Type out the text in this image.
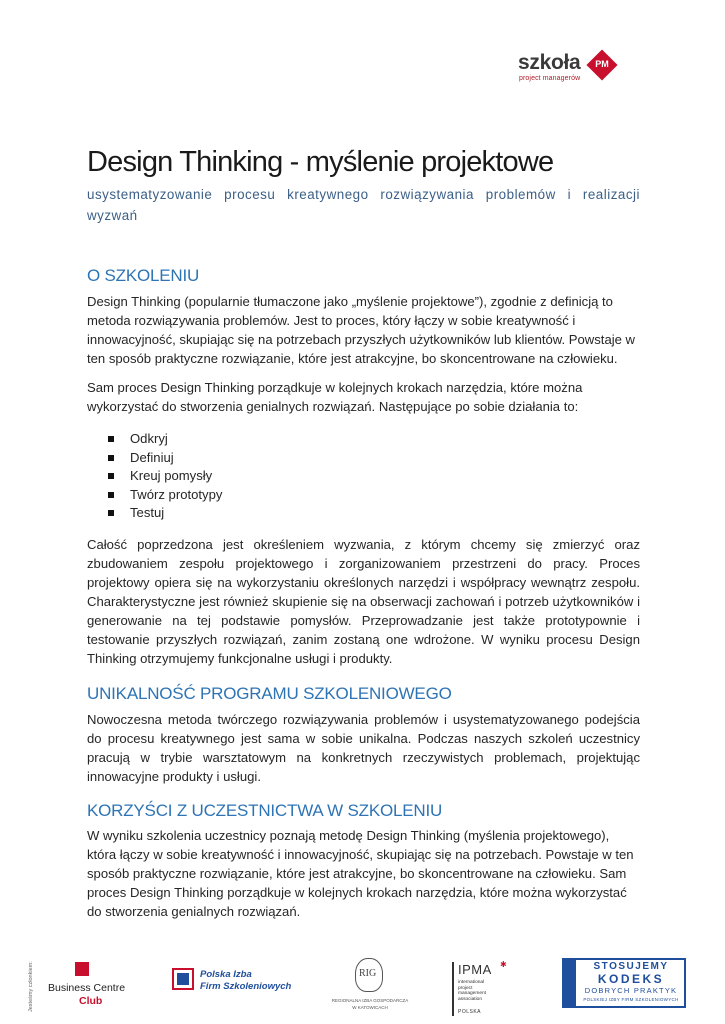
szkoła	PM
project managerów
Design Thinking - myślenie projektowe
usystematyzowanie procesu kreatywnego rozwiązywania problemów i realizacji wyzwań
O SZKOLENIU

Design Thinking (popularnie tłumaczone jako „myślenie projektowe”), zgodnie z definicją to metoda rozwiązywania problemów. Jest to proces, który łączy w sobie kreatywność i innowacyjność, skupiając się na potrzebach przyszłych użytkowników lub klientów. Powstaje w ten sposób praktyczne rozwiązanie, które jest atrakcyjne, bo skoncentrowane na człowieku.

Sam proces Design Thinking porządkuje w kolejnych krokach narzędzia, które można wykorzystać do stworzenia genialnych rozwiązań. Następujące po sobie działania to:

Odkryj
Definiuj
Kreuj pomysły
Twórz prototypy
Testuj

Całość poprzedzona jest określeniem wyzwania, z którym chcemy się zmierzyć oraz zbudowaniem zespołu projektowego i zorganizowaniem przestrzeni do pracy. Proces projektowy opiera się na wykorzystaniu określonych narzędzi i współpracy wewnątrz zespołu. Charakterystyczne jest również skupienie się na obserwacji zachowań i potrzeb użytkowników i generowanie na tej podstawie pomysłów. Przeprowadzanie jest także prototypownie i testowanie przyszłych rozwiązań, zanim zostaną one wdrożone. W wyniku procesu Design Thinking otrzymujemy funkcjonalne usługi i produkty.

UNIKALNOŚĆ PROGRAMU SZKOLENIOWEGO

Nowoczesna metoda twórczego rozwiązywania problemów i usystematyzowanego podejścia do procesu kreatywnego jest sama w sobie unikalna. Podczas naszych szkoleń uczestnicy pracują w trybie warsztatowym na konkretnych rzeczywistych problemach, projektując innowacyjne produkty i usługi.

KORZYŚCI Z UCZESTNICTWA W SZKOLENIU

W wyniku szkolenia uczestnicy poznają metodę Design Thinking (myślenia projektowego), która łączy w sobie kreatywność i innowacyjność, skupiając się na potrzebach. Powstaje w ten sposób praktyczne rozwiązanie, które jest atrakcyjne, bo skoncentrowane na człowieku. Sam proces Design Thinking porządkuje w kolejnych krokach narzędzia, które można wykorzystać do stworzenia genialnych rozwiązań.

Jesteśmy członkiem: Business Centre
Club
Polska Izba
Firm Szkoleniowych
RIG
REGIONALNA IZBA GOSPODARCZA
W KATOWICACH
IPMA ✱
international project management association
POLSKA
STOSUJEMY
KODEKS
DOBRYCH PRAKTYK
POLSKIEJ IZBY FIRM SZKOLENIOWYCH
